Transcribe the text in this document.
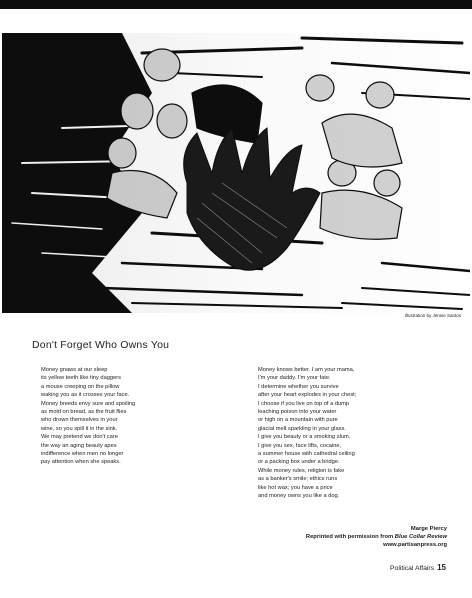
Illustration by Jennie Santos
Don't Forget Who Owns You
Money gnaws at our sleep
its yellow teeth like tiny daggers
a mouse creeping on the pillow
waking you as it crosses your face.
Money breeds envy sure and spoiling
as mold on bread, as the fruit flies
who drown themselves in your
wine, so you spill it in the sink.
We may pretend we don't care
the way an aging beauty apes
indifference when men no longer
pay attention when she speaks.
Money knows better. I am your mama,
I'm your daddy. I'm your fate.
I determine whether you survive
after your heart explodes in your chest;
I choose if you live on top of a dump
leaching poison into your water
or high on a mountain with pure
glacial melt sparkling in your glass.
I give you beauty or a smoking slum.
I give you sex, face lifts, cocaine,
a summer house with cathedral ceiling
or a packing box under a bridge.
While money rules, religion is fake
as a banker's smile; ethics runs
like hot wax; you have a price
and money owns you like a dog.
Marge Piercy
Reprinted with permission from Blue Collar Review
www.partisanpress.org
Political Affairs 15
